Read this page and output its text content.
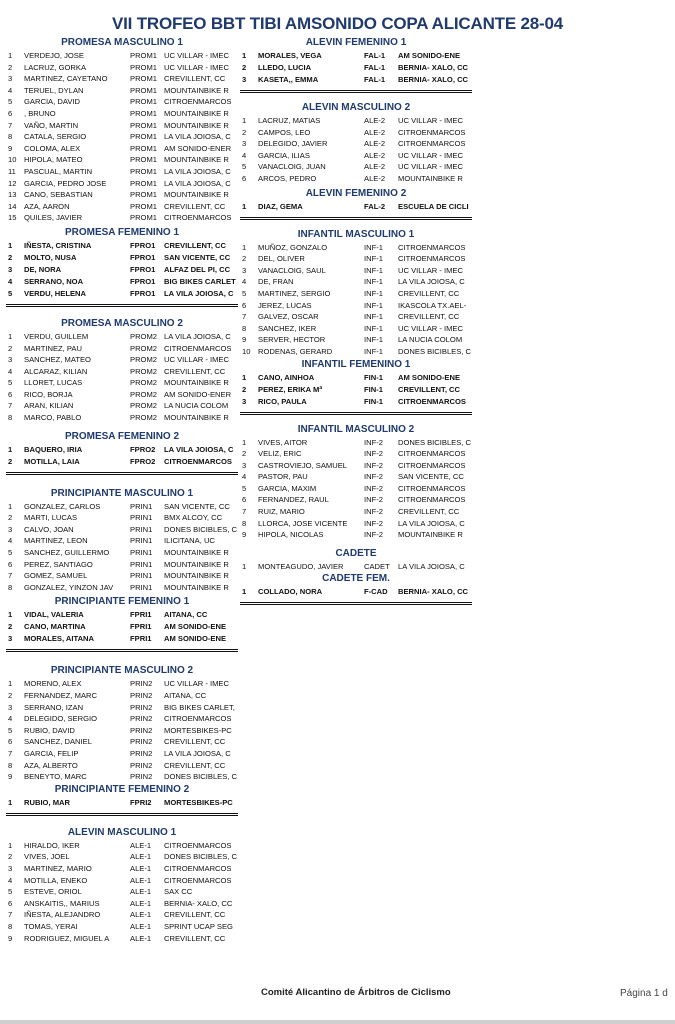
VII TROFEO BBT TIBI AMSONIDO COPA ALICANTE 28-04
PROMESA MASCULINO 1
1	VERDEJO, JOSE	PROM1 UC VILLAR - IMEC
2	LACRUZ, GORKA	PROM1 UC VILLAR - IMEC
3	MARTINEZ, CAYETANO	PROM1 CREVILLENT, CC
4	TERUEL, DYLAN	PROM1 MOUNTAINBIKE R
5	GARCIA, DAVID	PROM1 CITROENMARCOS
6	, BRUNO	PROM1 MOUNTAINBIKE R
7	VAÑO, MARTIN	PROM1 MOUNTAINBIKE R
8	CATALA, SERGIO	PROM1 LA VILA JOIOSA, C
9	COLOMA, ALEX	PROM1 AM SONIDO-ENER
10 HIPOLA, MATEO	PROM1 MOUNTAINBIKE R
11	PASCUAL, MARTIN	PROM1 LA VILA JOIOSA, C
12 GARCIA, PEDRO JOSE	PROM1 LA VILA JOIOSA, C
13 CANO, SEBASTIAN	PROM1 MOUNTAINBIKE R
14 AZA, AARON	PROM1 CREVILLENT, CC
15 QUILES, JAVIER	PROM1 CITROENMARCOS
PROMESA FEMENINO 1
1	IÑESTA, CRISTINA	FPRO1	CREVILLENT, CC
2	MOLTO, NUSA	FPRO1	SAN VICENTE, CC
3	DE, NORA	FPRO1	ALFAZ DEL PI, CC
4	SERRANO, NOA	FPRO1	BIG BIKES CARLET
5	VERDU, HELENA	FPRO1	LA VILA JOIOSA, C
PROMESA MASCULINO 2
1	VERDU, GUILLEM	PROM2 LA VILA JOIOSA, C
2	MARTINEZ, PAU	PROM2 CITROENMARCOS
3	SANCHEZ, MATEO	PROM2 UC VILLAR - IMEC
4	ALCARAZ, KILIAN	PROM2 CREVILLENT, CC
5	LLORET, LUCAS	PROM2 MOUNTAINBIKE R
6	RICO, BORJA	PROM2 AM SONIDO-ENER
7	ARAN, KILIAN	PROM2 LA NUCIA COLOM
8	MARCO, PABLO	PROM2 MOUNTAINBIKE R
PROMESA FEMENINO 2
1	BAQUERO, IRIA	FPRO2	LA VILA JOIOSA, C
2	MOTILLA, LAIA	FPRO2	CITROENMARCOS
PRINCIPIANTE MASCULINO 1
1	GONZALEZ, CARLOS	PRIN1	SAN VICENTE, CC
2	MARTI, LUCAS	PRIN1	BMX ALCOY, CC
3	CALVO, JOAN	PRIN1	DONES BICIBLES, C
4	MARTINEZ, LEON	PRIN1	ILICITANA, UC
5	SANCHEZ, GUILLERMO	PRIN1	MOUNTAINBIKE R
6	PEREZ, SANTIAGO	PRIN1	MOUNTAINBIKE R
7	GOMEZ, SAMUEL	PRIN1	MOUNTAINBIKE R
8	GONZALEZ, YINZON JAV	PRIN1	MOUNTAINBIKE R
PRINCIPIANTE FEMENINO 1
1	VIDAL, VALERIA	FPRI1	AITANA, CC
2	CANO, MARTINA	FPRI1	AM SONIDO-ENE
3	MORALES, AITANA	FPRI1	AM SONIDO-ENE
PRINCIPIANTE MASCULINO 2
1	MORENO, ALEX	PRIN2	UC VILLAR - IMEC
2	FERNANDEZ, MARC	PRIN2	AITANA, CC
3	SERRANO, IZAN	PRIN2	BIG BIKES CARLET,
4	DELEGIDO, SERGIO	PRIN2	CITROENMARCOS
5	RUBIO, DAVID	PRIN2	MORTESBIKES-PC
6	SANCHEZ, DANIEL	PRIN2	CREVILLENT, CC
7	GARCIA, FELIP	PRIN2	LA VILA JOIOSA, C
8	AZA, ALBERTO	PRIN2	CREVILLENT, CC
9	BENEYTO, MARC	PRIN2	DONES BICIBLES, C
PRINCIPIANTE FEMENINO 2
1	RUBIO, MAR	FPRI2	MORTESBIKES-PC
ALEVIN MASCULINO 1
1	HIRALDO, IKER	ALE-1	CITROENMARCOS
2	VIVES, JOEL	ALE-1	DONES BICIBLES, C
3	MARTINEZ, MARIO	ALE-1	CITROENMARCOS
4	MOTILLA, ENEKO	ALE-1	CITROENMARCOS
5	ESTEVE, ORIOL	ALE-1	SAX CC
6	ANSKAITIS,, MARIUS	ALE-1	BERNIA- XALO, CC
7	IÑESTA, ALEJANDRO	ALE-1	CREVILLENT, CC
8	TOMAS, YERAI	ALE-1	SPRINT UCAP SEG
9	RODRIGUEZ, MIGUEL A	ALE-1	CREVILLENT, CC
ALEVIN FEMENINO 1
1	MORALES, VEGA	FAL-1	AM SONIDO-ENE
2	LLEDO, LUCIA	FAL-1	BERNIA- XALO, CC
3	KASETA,, EMMA	FAL-1	BERNIA- XALO, CC
ALEVIN MASCULINO 2
1	LACRUZ, MATIAS	ALE-2	UC VILLAR - IMEC
2	CAMPOS, LEO	ALE-2	CITROENMARCOS
3	DELEGIDO, JAVIER	ALE-2	CITROENMARCOS
4	GARCIA, ILIAS	ALE-2	UC VILLAR - IMEC
5	VANACLOIG, JUAN	ALE-2	UC VILLAR - IMEC
6	ARCOS, PEDRO	ALE-2	MOUNTAINBIKE R
ALEVIN FEMENINO 2
1	DIAZ, GEMA	FAL-2	ESCUELA DE CICLI
INFANTIL MASCULINO 1
1	MUÑOZ, GONZALO	INF-1	CITROENMARCOS
2	DEL, OLIVER	INF-1	CITROENMARCOS
3	VANACLOIG, SAUL	INF-1	UC VILLAR - IMEC
4	DE, FRAN	INF-1	LA VILA JOIOSA, C
5	MARTINEZ, SERGIO	INF-1	CREVILLENT, CC
6	JEREZ, LUCAS	INF-1	IKASCOLA TX.AEL-
7	GALVEZ, OSCAR	INF-1	CREVILLENT, CC
8	SANCHEZ, IKER	INF-1	UC VILLAR - IMEC
9	SERVER, HECTOR	INF-1	LA NUCIA COLOM
10 RODENAS, GERARD	INF-1	DONES BICIBLES, C
INFANTIL FEMENINO 1
1	CANO, AINHOA	FIN-1	AM SONIDO-ENE
2	PEREZ, ERIKA Mª	FIN-1	CREVILLENT, CC
3	RICO, PAULA	FIN-1	CITROENMARCOS
INFANTIL MASCULINO 2
1	VIVES, AITOR	INF-2	DONES BICIBLES, C
2	VELIZ, ERIC	INF-2	CITROENMARCOS
3	CASTROVIEJO, SAMUEL	INF-2	CITROENMARCOS
4	PASTOR, PAU	INF-2	SAN VICENTE, CC
5	GARCIA, MAXIM	INF-2	CITROENMARCOS
6	FERNANDEZ, RAUL	INF-2	CITROENMARCOS
7	RUIZ, MARIO	INF-2	CREVILLENT, CC
8	LLORCA, JOSE VICENTE	INF-2	LA VILA JOIOSA, C
9	HIPOLA, NICOLAS	INF-2	MOUNTAINBIKE R
CADETE
1	MONTEAGUDO, JAVIER	CADET	LA VILA JOIOSA, C
CADETE FEM.
1	COLLADO, NORA	F-CAD	BERNIA- XALO, CC
Comité Alicantino de Árbitros de Ciclismo	Página 1 d
